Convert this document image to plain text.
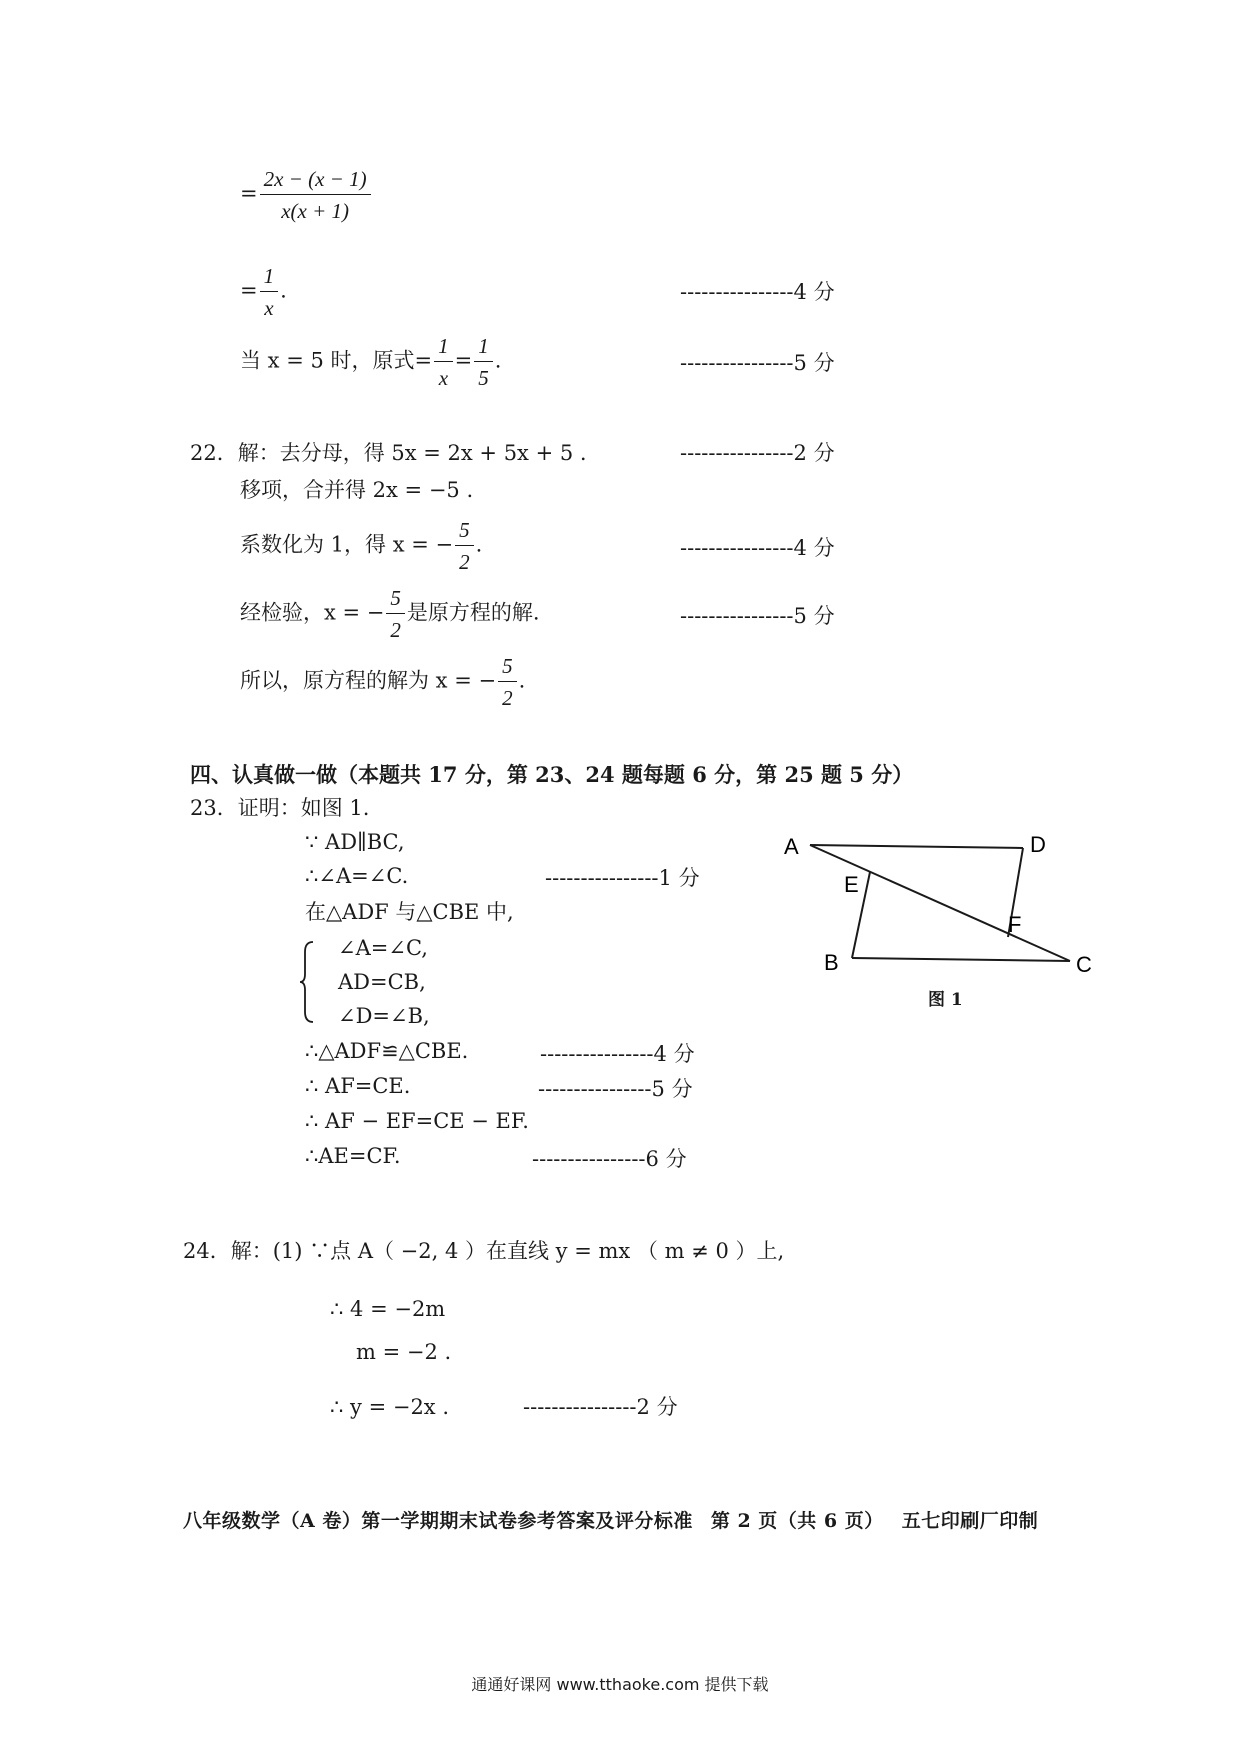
= $\frac{2x - (x - 1)}{x(x + 1)}$
= $\frac{1}{x}$ .	----------------4 分
当 x = 5 时，原式= $\frac{1}{x} = \frac{1}{5}$ .	----------------5 分
22．解：去分母，得 5x = 2x + 5x + 5 .	----------------2 分
移项，合并得 2x = −5 .
系数化为 1，得 x = − $\frac{5}{2}$ .	----------------4 分
经检验，x = − $\frac{5}{2}$ 是原方程的解.	----------------5 分
所以，原方程的解为 x = − $\frac{5}{2}$ .
四、认真做一做（本题共 17 分，第 23、24 题每题 6 分，第 25 题 5 分）
23．证明：如图 1.
∵ AD∥BC,
∴∠A=∠C.	----------------1 分
在△ADF 与△CBE 中,
∠A=∠C,
AD=CB,
∠D=∠B,
∴△ADF≌△CBE.	----------------4 分
∴ AF=CE.	----------------5 分
∴ AF − EF=CE − EF.
∴AE=CF.	----------------6 分
A	D
E
F
B	C
图 1
24．解：(1) ∵点 A（ −2, 4 ）在直线 y = mx （ m ≠ 0 ）上,
∴ 4 = −2m
m = −2 .
∴ y = −2x .	----------------2 分
八年级数学（A 卷）第一学期期末试卷参考答案及评分标准 第 2 页（共 6 页） 五七印刷厂印制
通通好课网 www.tthaoke.com 提供下载
